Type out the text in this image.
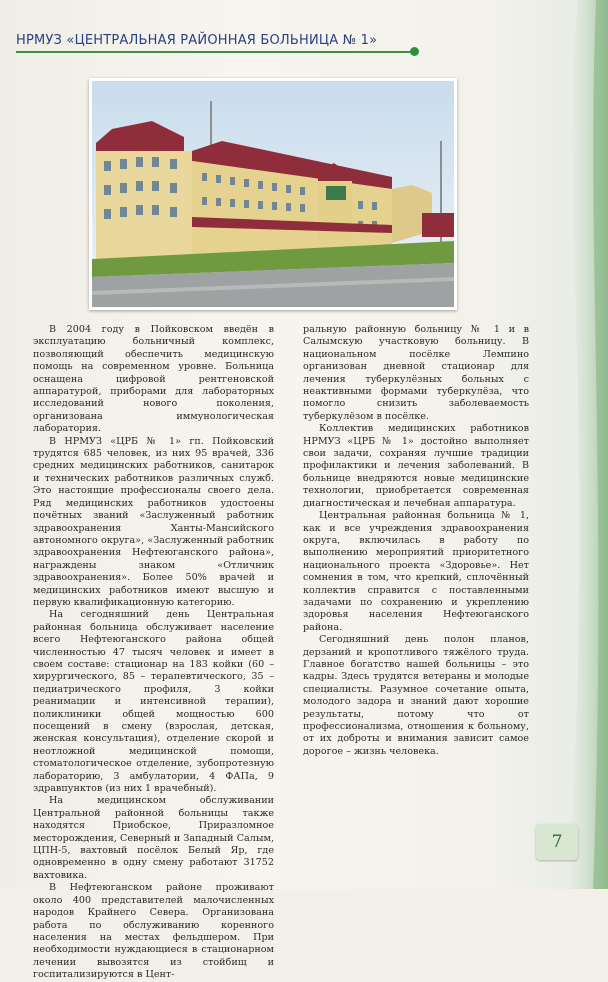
НРМУЗ «ЦЕНТРАЛЬНАЯ РАЙОННАЯ БОЛЬНИЦА № 1»

В 2004 году в Пойковском введён в эксплуатацию больничный комплекс, позволяющий обеспечить медицинскую помощь на современном уровне. Больница оснащена цифровой рентгеновской аппаратурой, приборами для лабораторных исследований нового поколения, организована иммунологическая лаборатория.

В НРМУЗ «ЦРБ № 1» гп. Пойковский трудятся 685 человек, из них 95 врачей, 336 средних медицинских работников, санитарок и технических работников различных служб. Это настоящие профессионалы своего дела. Ряд медицинских работников удостоены почётных званий «Заслуженный работник здравоохранения Ханты-Мансийского автономного округа», «Заслуженный работник здравоохранения Нефтеюганского района», награждены знаком «Отличник здравоохранения». Более 50% врачей и медицинских работников имеют высшую и первую квалификационную категорию.

На сегодняшний день Центральная районная больница обслуживает население всего Нефтеюганского района общей численностью 47 тысяч человек и имеет в своем составе: стационар на 183 койки (60 – хирургического, 85 – терапевтического, 35 – педиатрического профиля, 3 койки реанимации и интенсивной терапии), поликлиники общей мощностью 600 посещений в смену (взрослая, детская, женская консультация), отделение скорой и неотложной медицинской помощи, стоматологическое отделение, зубопротезную лабораторию, 3 амбулатории, 4 ФАПа, 9 здравпунктов (из них 1 врачебный).

На медицинском обслуживании Центральной районной больницы также находятся Приобское, Приразломное месторождения, Северный и Западный Салым, ЦПН-5, вахтовый посёлок Белый Яр, где одновременно в одну смену работают 31752 вахтовика.

В Нефтеюганском районе проживают около 400 представителей малочисленных народов Крайнего Севера. Организована работа по обслуживанию коренного населения на местах фельдшером. При необходимости нуждающиеся в стационарном лечении вывозятся из стойбищ и госпитализируются в Цент-

ральную районную больницу № 1 и в Салымскую участковую больницу. В национальном посёлке Лемпино организован дневной стационар для лечения туберкулёзных больных с неактивными формами туберкулёза, что помогло снизить заболеваемость туберкулёзом в посёлке.

Коллектив медицинских работников НРМУЗ «ЦРБ № 1» достойно выполняет свои задачи, сохраняя лучшие традиции профилактики и лечения заболеваний. В больнице внедряются новые медицинские технологии, приобретается современная диагностическая и лечебная аппаратура.

Центральная районная больница № 1, как и все учреждения здравоохранения округа, включилась в работу по выполнению мероприятий приоритетного национального проекта «Здоровье». Нет сомнения в том, что крепкий, сплочённый коллектив справится с поставленными задачами по сохранению и укреплению здоровья населения Нефтеюганского района.

Сегодняшний день полон планов, дерзаний и кропотливого тяжёлого труда. Главное богатство нашей больницы – это кадры. Здесь трудятся ветераны и молодые специалисты. Разумное сочетание опыта, молодого задора и знаний дают хорошие результаты, потому что от профессионализма, отношения к больному, от их доброты и внимания зависит самое дорогое – жизнь человека.

7
